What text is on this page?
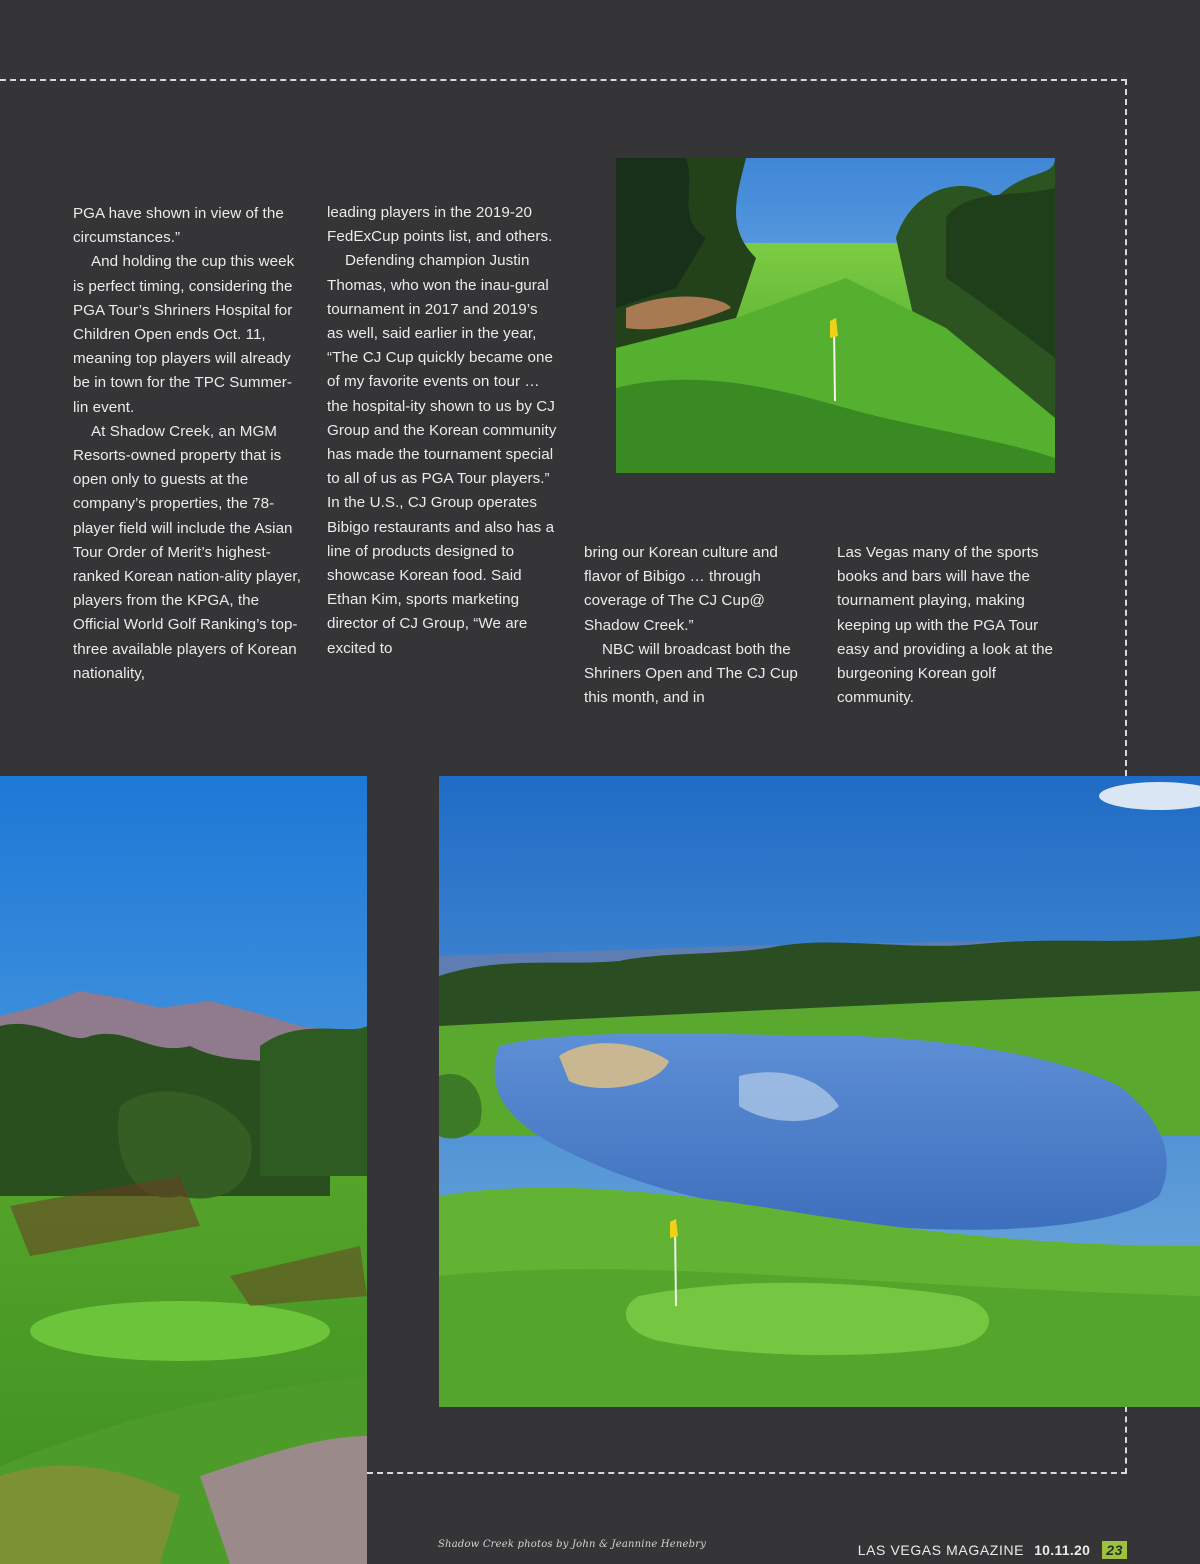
PGA have shown in view of the circumstances.”

And holding the cup this week is perfect timing, considering the PGA Tour’s Shriners Hospital for Children Open ends Oct. 11, meaning top players will already be in town for the TPC Summer-lin event.

At Shadow Creek, an MGM Resorts-owned property that is open only to guests at the company’s properties, the 78-player field will include the Asian Tour Order of Merit’s highest-ranked Korean nation-ality player, players from the KPGA, the Official World Golf Ranking’s top-three available players of Korean nationality,

leading players in the 2019-20 FedExCup points list, and others.

Defending champion Justin Thomas, who won the inau-gural tournament in 2017 and 2019’s as well, said earlier in the year, “The CJ Cup quickly became one of my favorite events on tour … the hospital-ity shown to us by CJ Group and the Korean community has made the tournament special to all of us as PGA Tour players.” In the U.S., CJ Group operates Bibigo restaurants and also has a line of products designed to showcase Korean food. Said Ethan Kim, sports marketing director of CJ Group, “We are excited to

bring our Korean culture and flavor of Bibigo … through coverage of The CJ Cup@ Shadow Creek.”

NBC will broadcast both the Shriners Open and The CJ Cup this month, and in

Las Vegas many of the sports books and bars will have the tournament playing, making keeping up with the PGA Tour easy and providing a look at the burgeoning Korean golf community.

Shadow Creek photos by John & Jeannine Henebry	LAS VEGAS MAGAZINE 10.11.20 23
